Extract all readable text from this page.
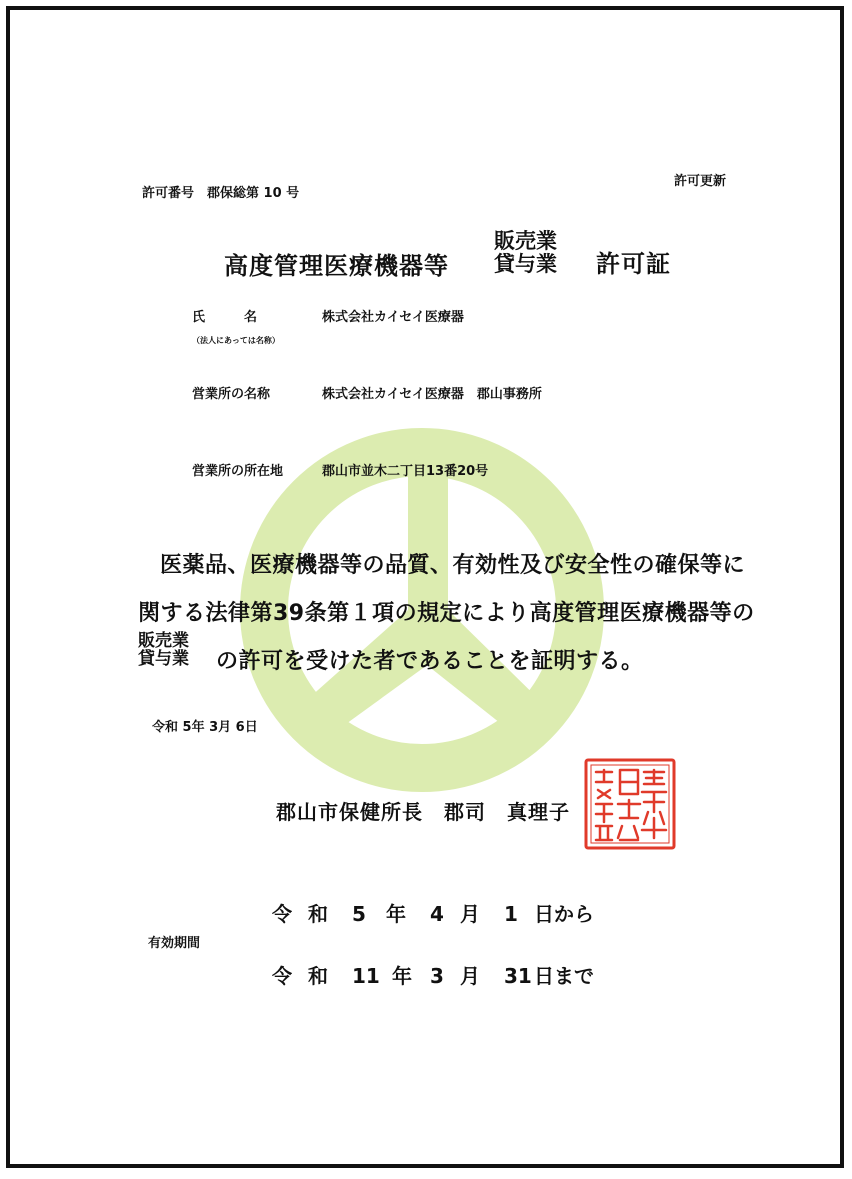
許可番号　郡保総第 10 号
許可更新
高度管理医療機器等
販売業
貸与業 許可証
氏　　　名
（法人にあっては名称）
株式会社カイセイ医療器
営業所の名称	株式会社カイセイ医療器　郡山事務所
営業所の所在地	郡山市並木二丁目13番20号
医薬品、医療機器等の品質、有効性及び安全性の確保等に
関する法律第39条第１項の規定により高度管理医療機器等の
販売業
貸与業 の許可を受けた者であることを証明する。
令和 5年 3月 6日
郡山市保健所長　郡司　真理子
令 和 5 年 4 月 1 日から
有効期間
令 和 11 年 3 月 31 日まで
